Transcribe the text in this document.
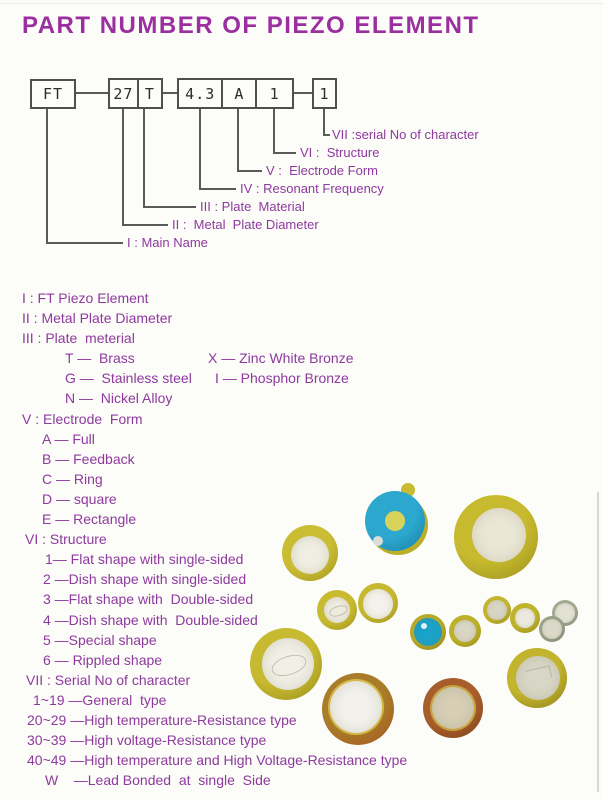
PART NUMBER OF PIEZO ELEMENT
FT	27 T	4.3	A	1	1
VII :serial No of character
VI :  Structure
V :  Electrode Form
IV : Resonant Frequency
III : Plate  Material
II :  Metal  Plate Diameter
I : Main Name
I : FT Piezo Element
II : Metal Plate Diameter
III : Plate  meterial
T —  Brass	X — Zinc White Bronze
G —  Stainless steel I — Phosphor Bronze
N —  Nickel Alloy
V : Electrode  Form
A — Full
B — Feedback
C — Ring
D — square
E — Rectangle
VI : Structure
1— Flat shape with single-sided
2 —Dish shape with single-sided
3 —Flat shape with  Double-sided
4 —Dish shape with  Double-sided
5 —Special shape
6 — Rippled shape
VII : Serial No of character
1~19 —General  type
20~29 —High temperature-Resistance type
30~39 —High voltage-Resistance type
40~49 —High temperature and High Voltage-Resistance type
W    —Lead Bonded  at  single  Side
